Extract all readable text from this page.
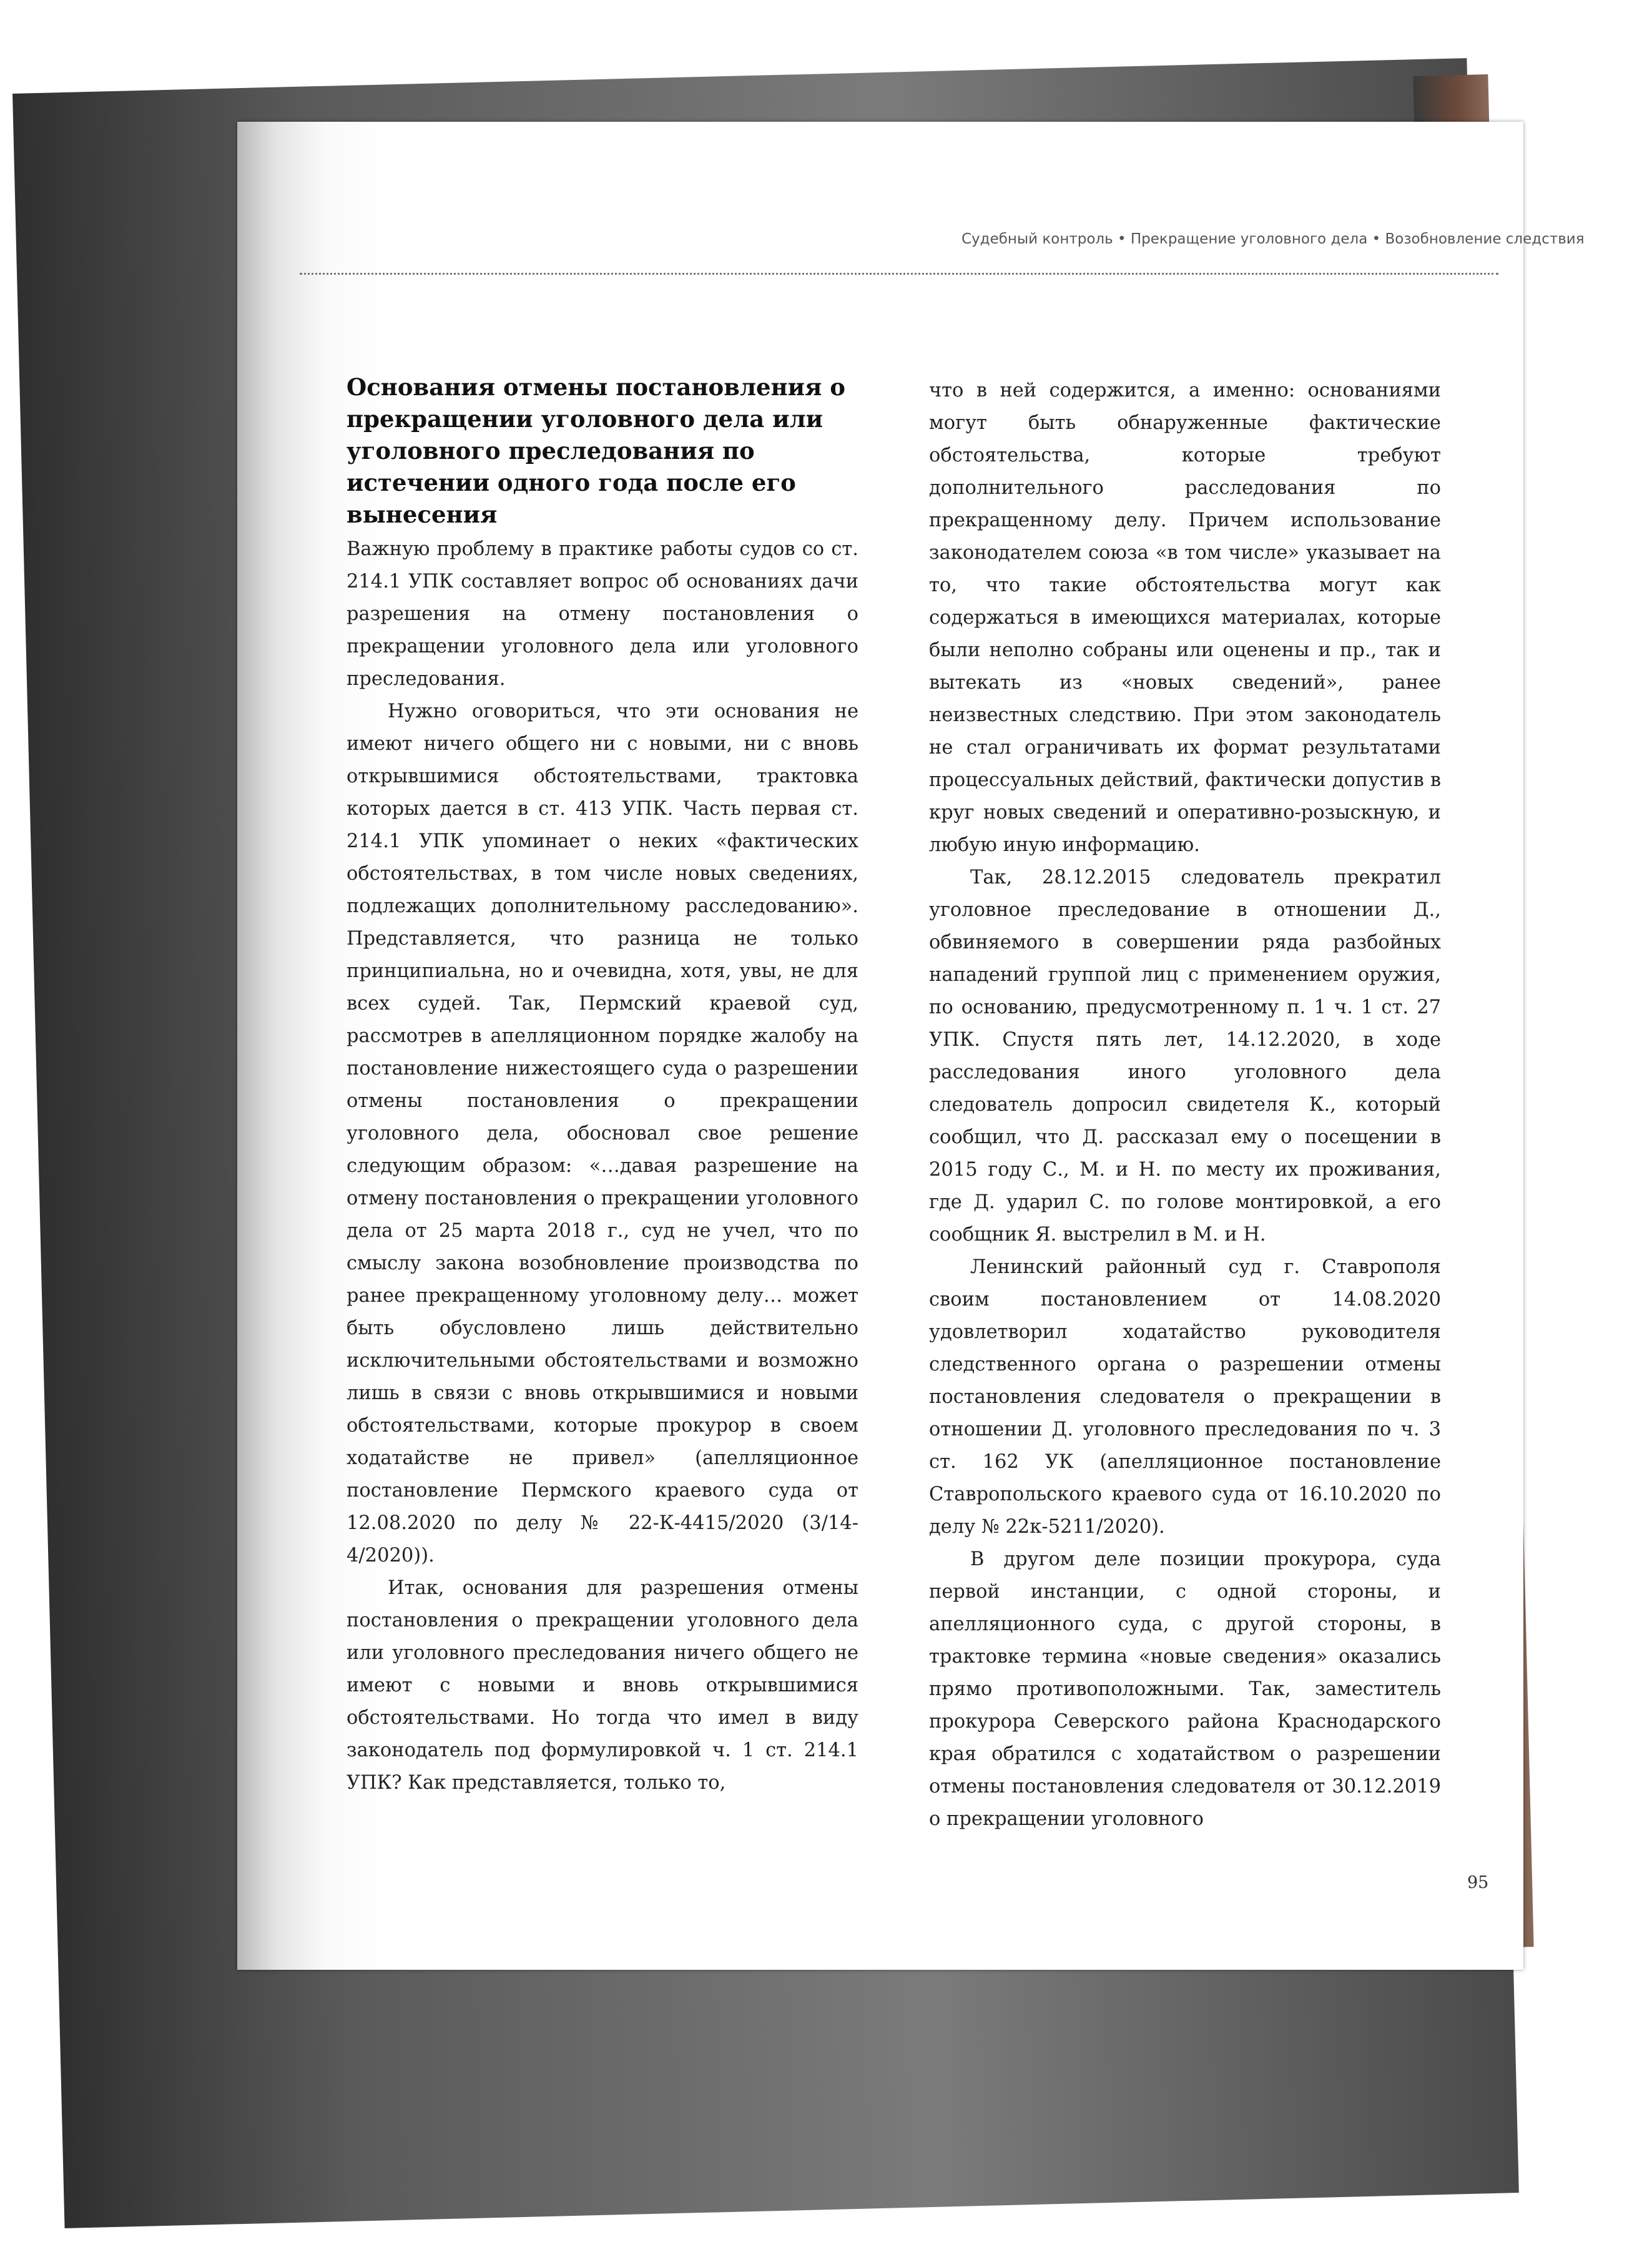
Судебный контроль • Прекращение уголовного дела • Возобновление следствия
Основания отмены постановления о прекращении уголовного дела или уголовного преследования по истечении одного года после его вынесения

Важную проблему в практике работы судов со ст. 214.1 УПК составляет вопрос об основаниях дачи разрешения на отмену постановления о прекращении уголовного дела или уголовного преследования.

Нужно оговориться, что эти основания не имеют ничего общего ни с новыми, ни с вновь открывшимися обстоятельствами, трактовка которых дается в ст. 413 УПК. Часть первая ст. 214.1 УПК упоминает о неких «фактических обстоятельствах, в том числе новых сведениях, подлежащих дополнительному расследованию». Представляется, что разница не только принципиальна, но и очевидна, хотя, увы, не для всех судей. Так, Пермский краевой суд, рассмотрев в апелляционном порядке жалобу на постановление нижестоящего суда о разрешении отмены постановления о прекращении уголовного дела, обосновал свое решение следующим образом: «…давая разрешение на отмену постановления о прекращении уголовного дела от 25 марта 2018 г., суд не учел, что по смыслу закона возобновление производства по ранее прекращенному уголовному делу… может быть обусловлено лишь действительно исключительными обстоятельствами и возможно лишь в связи с вновь открывшимися и новыми обстоятельствами, которые прокурор в своем ходатайстве не привел» (апелляционное постановление Пермского краевого суда от 12.08.2020 по делу № 22-К-4415/2020 (3/14-4/2020)).

Итак, основания для разрешения отмены постановления о прекращении уголовного дела или уголовного преследования ничего общего не имеют с новыми и вновь открывшимися обстоятельствами. Но тогда что имел в виду законодатель под формулировкой ч. 1 ст. 214.1 УПК? Как представляется, только то,

что в ней содержится, а именно: основаниями могут быть обнаруженные фактические обстоятельства, которые требуют дополнительного расследования по прекращенному делу. Причем использование законодателем союза «в том числе» указывает на то, что такие обстоятельства могут как содержаться в имеющихся материалах, которые были неполно собраны или оценены и пр., так и вытекать из «новых сведений», ранее неизвестных следствию. При этом законодатель не стал ограничивать их формат результатами процессуальных действий, фактически допустив в круг новых сведений и оперативно-розыскную, и любую иную информацию.

Так, 28.12.2015 следователь прекратил уголовное преследование в отношении Д., обвиняемого в совершении ряда разбойных нападений группой лиц с применением оружия, по основанию, предусмотренному п. 1 ч. 1 ст. 27 УПК. Спустя пять лет, 14.12.2020, в ходе расследования иного уголовного дела следователь допросил свидетеля К., который сообщил, что Д. рассказал ему о посещении в 2015 году С., М. и Н. по месту их проживания, где Д. ударил С. по голове монтировкой, а его сообщник Я. выстрелил в М. и Н.

Ленинский районный суд г. Ставрополя своим постановлением от 14.08.2020 удовлетворил ходатайство руководителя следственного органа о разрешении отмены постановления следователя о прекращении в отношении Д. уголовного преследования по ч. 3 ст. 162 УК (апелляционное постановление Ставропольского краевого суда от 16.10.2020 по делу № 22к-5211/2020).

В другом деле позиции прокурора, суда первой инстанции, с одной стороны, и апелляционного суда, с другой стороны, в трактовке термина «новые сведения» оказались прямо противоположными. Так, заместитель прокурора Северского района Краснодарского края обратился с ходатайством о разрешении отмены постановления следователя от 30.12.2019 о прекращении уголовного

95
